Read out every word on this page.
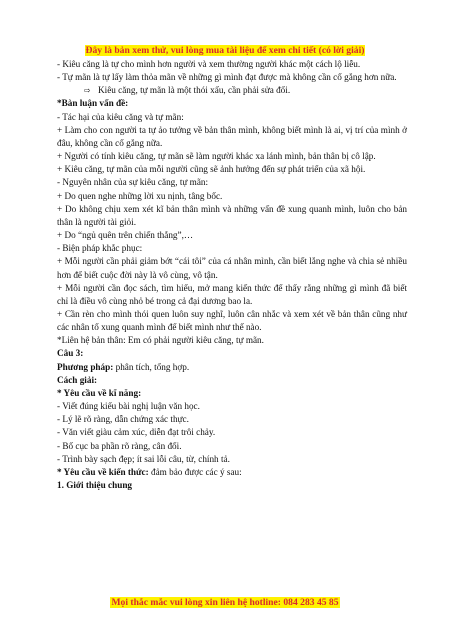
Đây là bản xem thử, vui lòng mua tài liệu để xem chi tiết (có lời giải)

- Kiêu căng là tự cho mình hơn người và xem thường người khác một cách lộ liễu.

- Tự mãn là tự lấy làm thỏa mãn về những gì mình đạt được mà không cần cố gắng hơn nữa.

⇨ Kiêu căng, tự mãn là một thói xấu, cần phải sửa đổi.

*Bàn luận vấn đề:

- Tác hại của kiêu căng và tự mãn:

+ Làm cho con người ta tự ảo tưởng về bản thân mình, không biết mình là ai, vị trí của mình ở đâu, không cần cố gắng nữa.

+ Người có tính kiêu căng, tự mãn sẽ làm người khác xa lánh mình, bản thân bị cô lập.

+ Kiêu căng, tự mãn của mỗi người cũng sẽ ảnh hưởng đến sự phát triển của xã hội.

- Nguyên nhân của sự kiêu căng, tự mãn:

+ Do quen nghe những lời xu nịnh, tâng bốc.

+ Do không chịu xem xét kĩ bản thân mình và những vấn đề xung quanh mình, luôn cho bản thân là người tài giỏi.

+ Do “ngủ quên trên chiến thắng”,…

- Biện pháp khắc phục:

+ Mỗi người cần phải giảm bớt “cái tôi” của cá nhân mình, cần biết lắng nghe và chia sẻ nhiều hơn để biết cuộc đời này là vô cùng, vô tận.

+ Mỗi người cần đọc sách, tìm hiểu, mở mang kiến thức để thấy rằng những gì mình đã biết chỉ là điều vô cùng nhỏ bé trong cả đại dương bao la.

+ Cần rèn cho mình thói quen luôn suy nghĩ, luôn cân nhắc và xem xét về bản thân cũng như các nhân tố xung quanh mình để biết mình như thế nào.

*Liên hệ bản thân: Em có phải người kiêu căng, tự mãn.

Câu 3:

Phương pháp: phân tích, tổng hợp.

Cách giải:

* Yêu cầu về kĩ năng:

- Viết đúng kiểu bài nghị luận văn học.

- Lý lẽ rõ ràng, dẫn chứng xác thực.

- Văn viết giàu cảm xúc, diễn đạt trôi chảy.

- Bố cục ba phần rõ ràng, cân đối.

- Trình bày sạch đẹp; ít sai lỗi câu, từ, chính tả.

* Yêu cầu về kiến thức: đảm bảo được các ý sau:

1. Giới thiệu chung

Mọi thắc mắc vui lòng xin liên hệ hotline: 084 283 45 85
